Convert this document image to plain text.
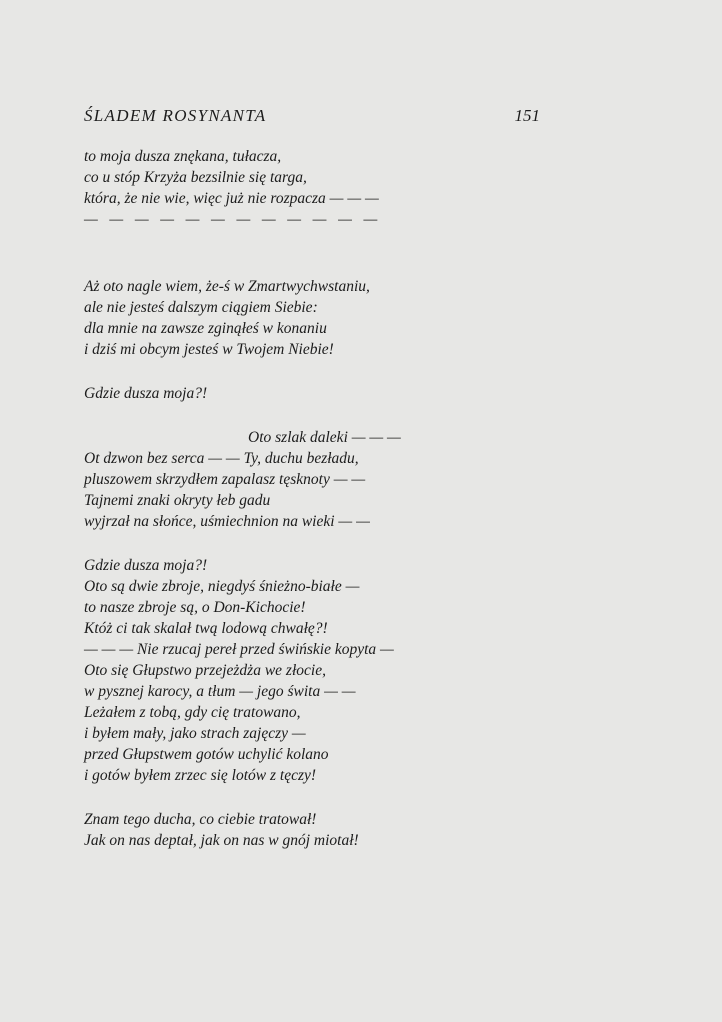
ŚLADEM ROSYNANTA	151
to moja dusza znękana, tułacza,
co u stóp Krzyża bezsilnie się targa,
która, że nie wie, więc już nie rozpacza — — —
—   —   —   —   —   —   —   —   —   —   —   —
Aż oto nagle wiem, że-ś w Zmartwychwstaniu,
ale nie jesteś dalszym ciągiem Siebie:
dla mnie na zawsze zginąłeś w konaniu
i dziś mi obcym jesteś w Twojem Niebie!
Gdzie dusza moja?!
Oto szlak daleki — — —
Ot dzwon bez serca — — Ty, duchu bezładu,
pluszowem skrzydłem zapalasz tęsknoty — —
Tajnemi znaki okryty łeb gadu
wyjrzał na słońce, uśmiechnion na wieki — —
Gdzie dusza moja?!
Oto są dwie zbroje, niegdyś śnieżno-białe —
to nasze zbroje są, o Don-Kichocie!
Któż ci tak skalał twą lodową chwałę?!
— — — Nie rzucaj pereł przed świńskie kopyta —
Oto się Głupstwo przejeżdża we złocie,
w pysznej karocy, a tłum — jego świta — —
Leżałem z tobą, gdy cię tratowano,
i byłem mały, jako strach zajęczy —
przed Głupstwem gotów uchylić kolano
i gotów byłem zrzec się lotów z tęczy!
Znam tego ducha, co ciebie tratował!
Jak on nas deptał, jak on nas w gnój miotał!
